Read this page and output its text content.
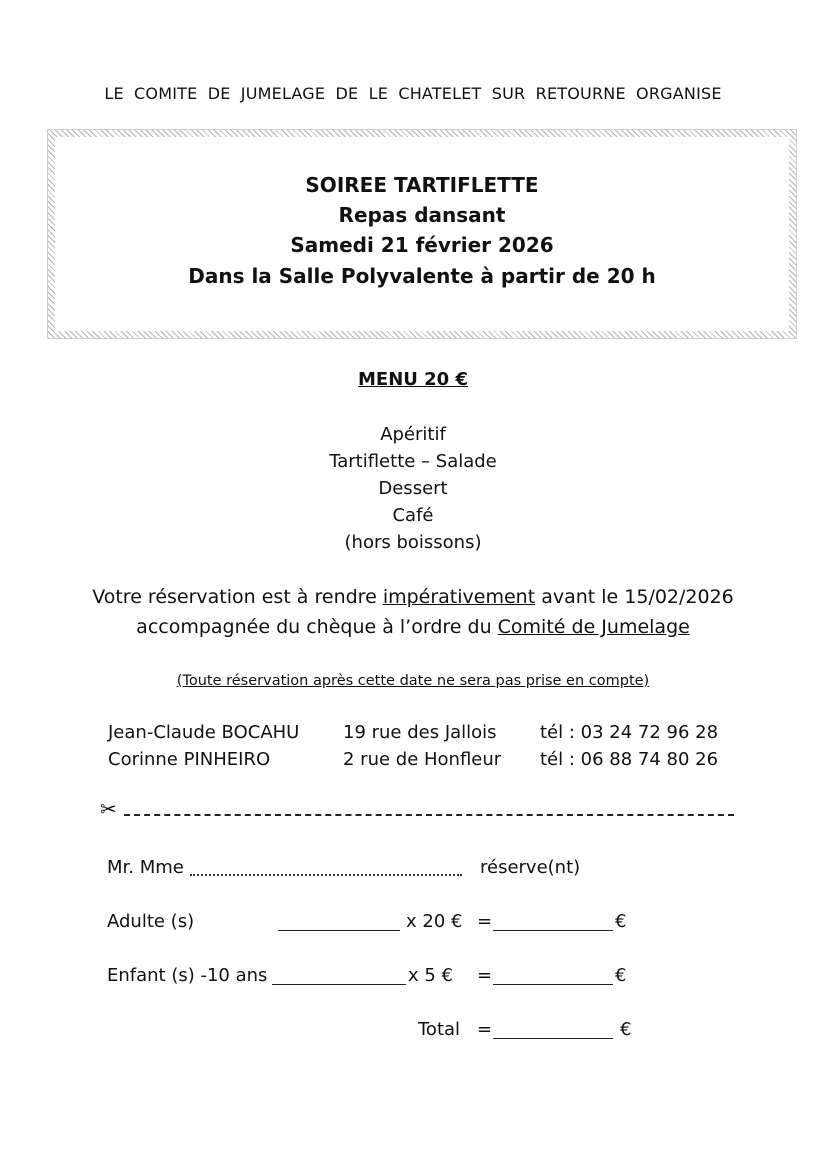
LE COMITE DE JUMELAGE DE LE CHATELET SUR RETOURNE ORGANISE
SOIREE TARTIFLETTE
Repas dansant
Samedi 21 février 2026
Dans la Salle Polyvalente à partir de 20 h
MENU 20 €
Apéritif
Tartiflette – Salade
Dessert
Café
(hors boissons)
Votre réservation est à rendre impérativement avant le 15/02/2026
accompagnée du chèque à l’ordre du Comité de Jumelage
(Toute réservation après cette date ne sera pas prise en compte)
Jean-Claude BOCAHU 19 rue des Jallois tél : 03 24 72 96 28
Corinne PINHEIRO	2 rue de Honfleur tél : 06 88 74 80 26
✂
Mr. Mme	réserve(nt)
Adulte (s)	x 20 € =	€
Enfant (s) -10 ans	x 5 € =	€
Total =	€
